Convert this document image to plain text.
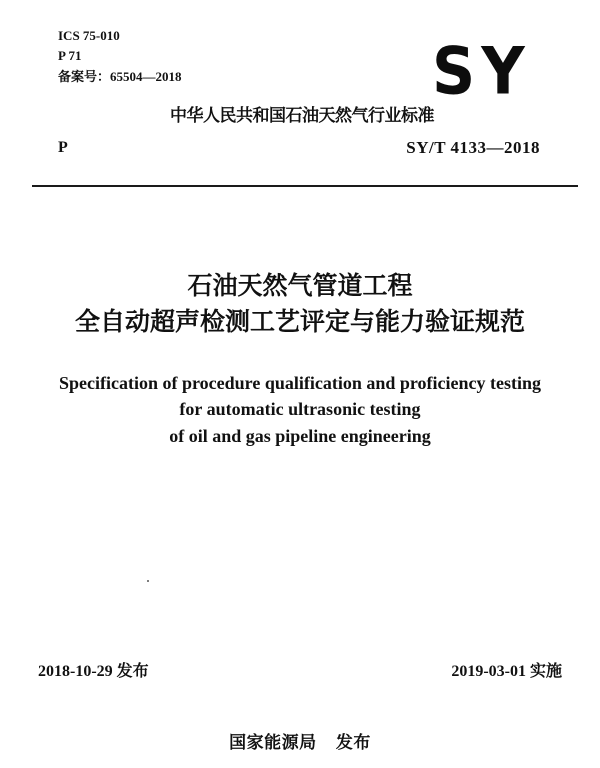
ICS 75-010
P 71
备案号：65504—2018	SY
中华人民共和国石油天然气行业标准
P	SY/T 4133—2018
石油天然气管道工程
全自动超声检测工艺评定与能力验证规范
Specification of procedure qualification and proficiency testing
for automatic ultrasonic testing
of oil and gas pipeline engineering
2018-10-29 发布	2019-03-01 实施
国家能源局   发布
